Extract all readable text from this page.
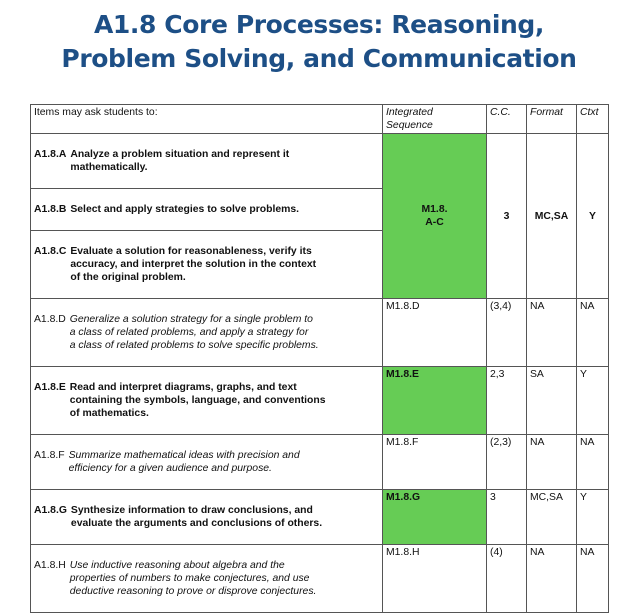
A1.8 Core Processes: Reasoning,
Problem Solving, and Communication
Items may ask students to:	Integrated
Sequence	C.C.	Format	Ctxt

A1.8.A Analyze a problem situation and represent it
mathematically.	M1.8.
A-C	3	MC,SA	Y

A1.8.B Select and apply strategies to solve problems.				

A1.8.C Evaluate a solution for reasonableness, verify its
accuracy, and interpret the solution in the context
of the original problem.				

A1.8.D Generalize a solution strategy for a single problem to
a class of related problems, and apply a strategy for
a class of related problems to solve specific problems.	M1.8.D	(3,4)	NA	NA

A1.8.E Read and interpret diagrams, graphs, and text
containing the symbols, language, and conventions
of mathematics.	M1.8.E	2,3	SA	Y

A1.8.F Summarize mathematical ideas with precision and
efficiency for a given audience and purpose.	M1.8.F	(2,3)	NA	NA

A1.8.G Synthesize information to draw conclusions, and
evaluate the arguments and conclusions of others.	M1.8.G	3	MC,SA	Y

A1.8.H Use inductive reasoning about algebra and the
properties of numbers to make conjectures, and use
deductive reasoning to prove or disprove conjectures.	M1.8.H	(4)	NA	NA
